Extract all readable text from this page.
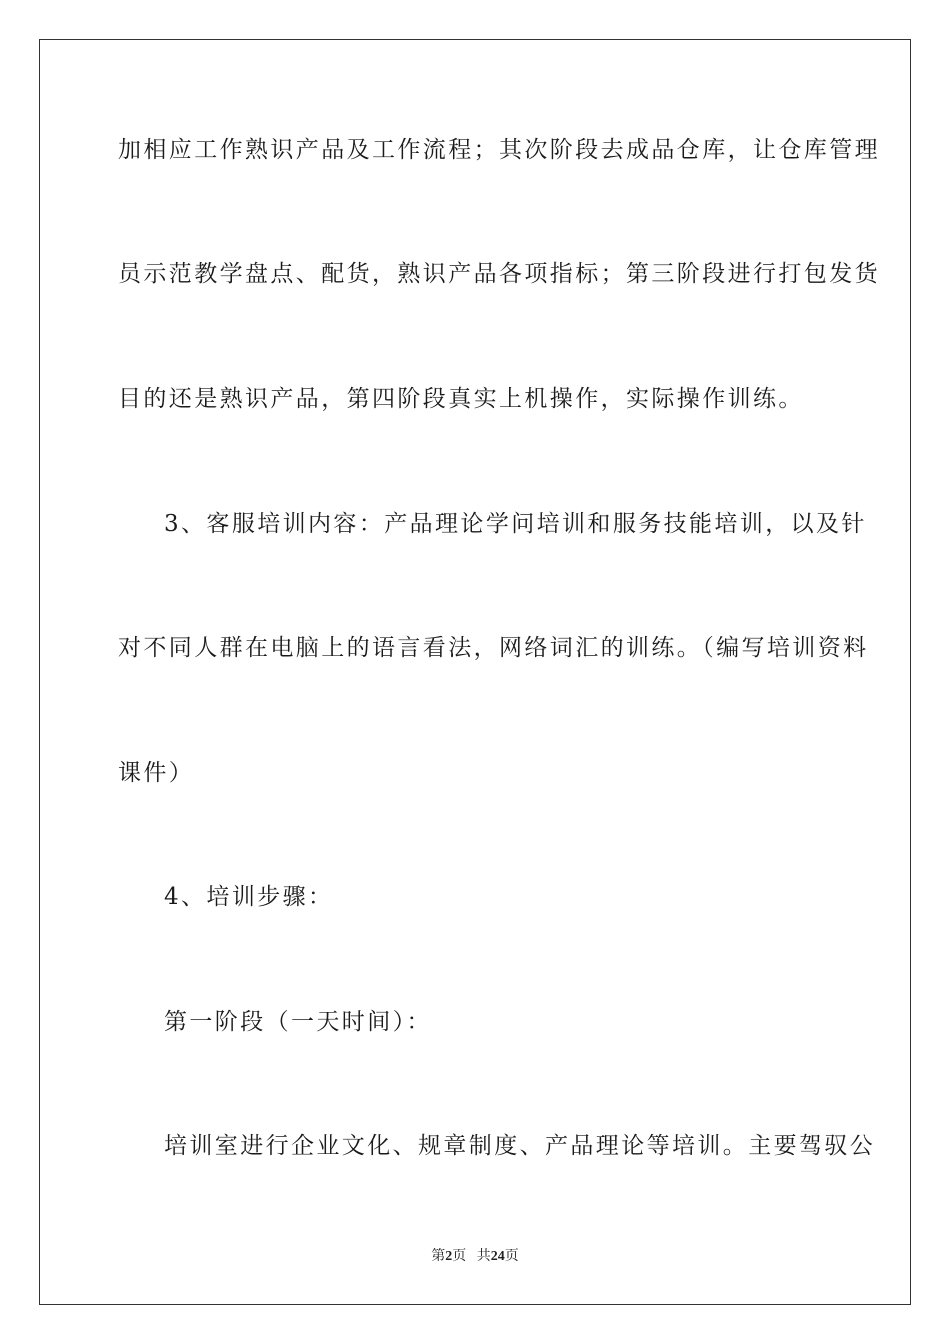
加相应工作熟识产品及工作流程；其次阶段去成品仓库，让仓库管理
员示范教学盘点、配货，熟识产品各项指标；第三阶段进行打包发货
目的还是熟识产品，第四阶段真实上机操作，实际操作训练。
3、客服培训内容：产品理论学问培训和服务技能培训，以及针
对不同人群在电脑上的语言看法，网络词汇的训练。（编写培训资料
课件）
4、培训步骤：
第一阶段（一天时间）：
培训室进行企业文化、规章制度、产品理论等培训。主要驾驭公
第2页 共24页
